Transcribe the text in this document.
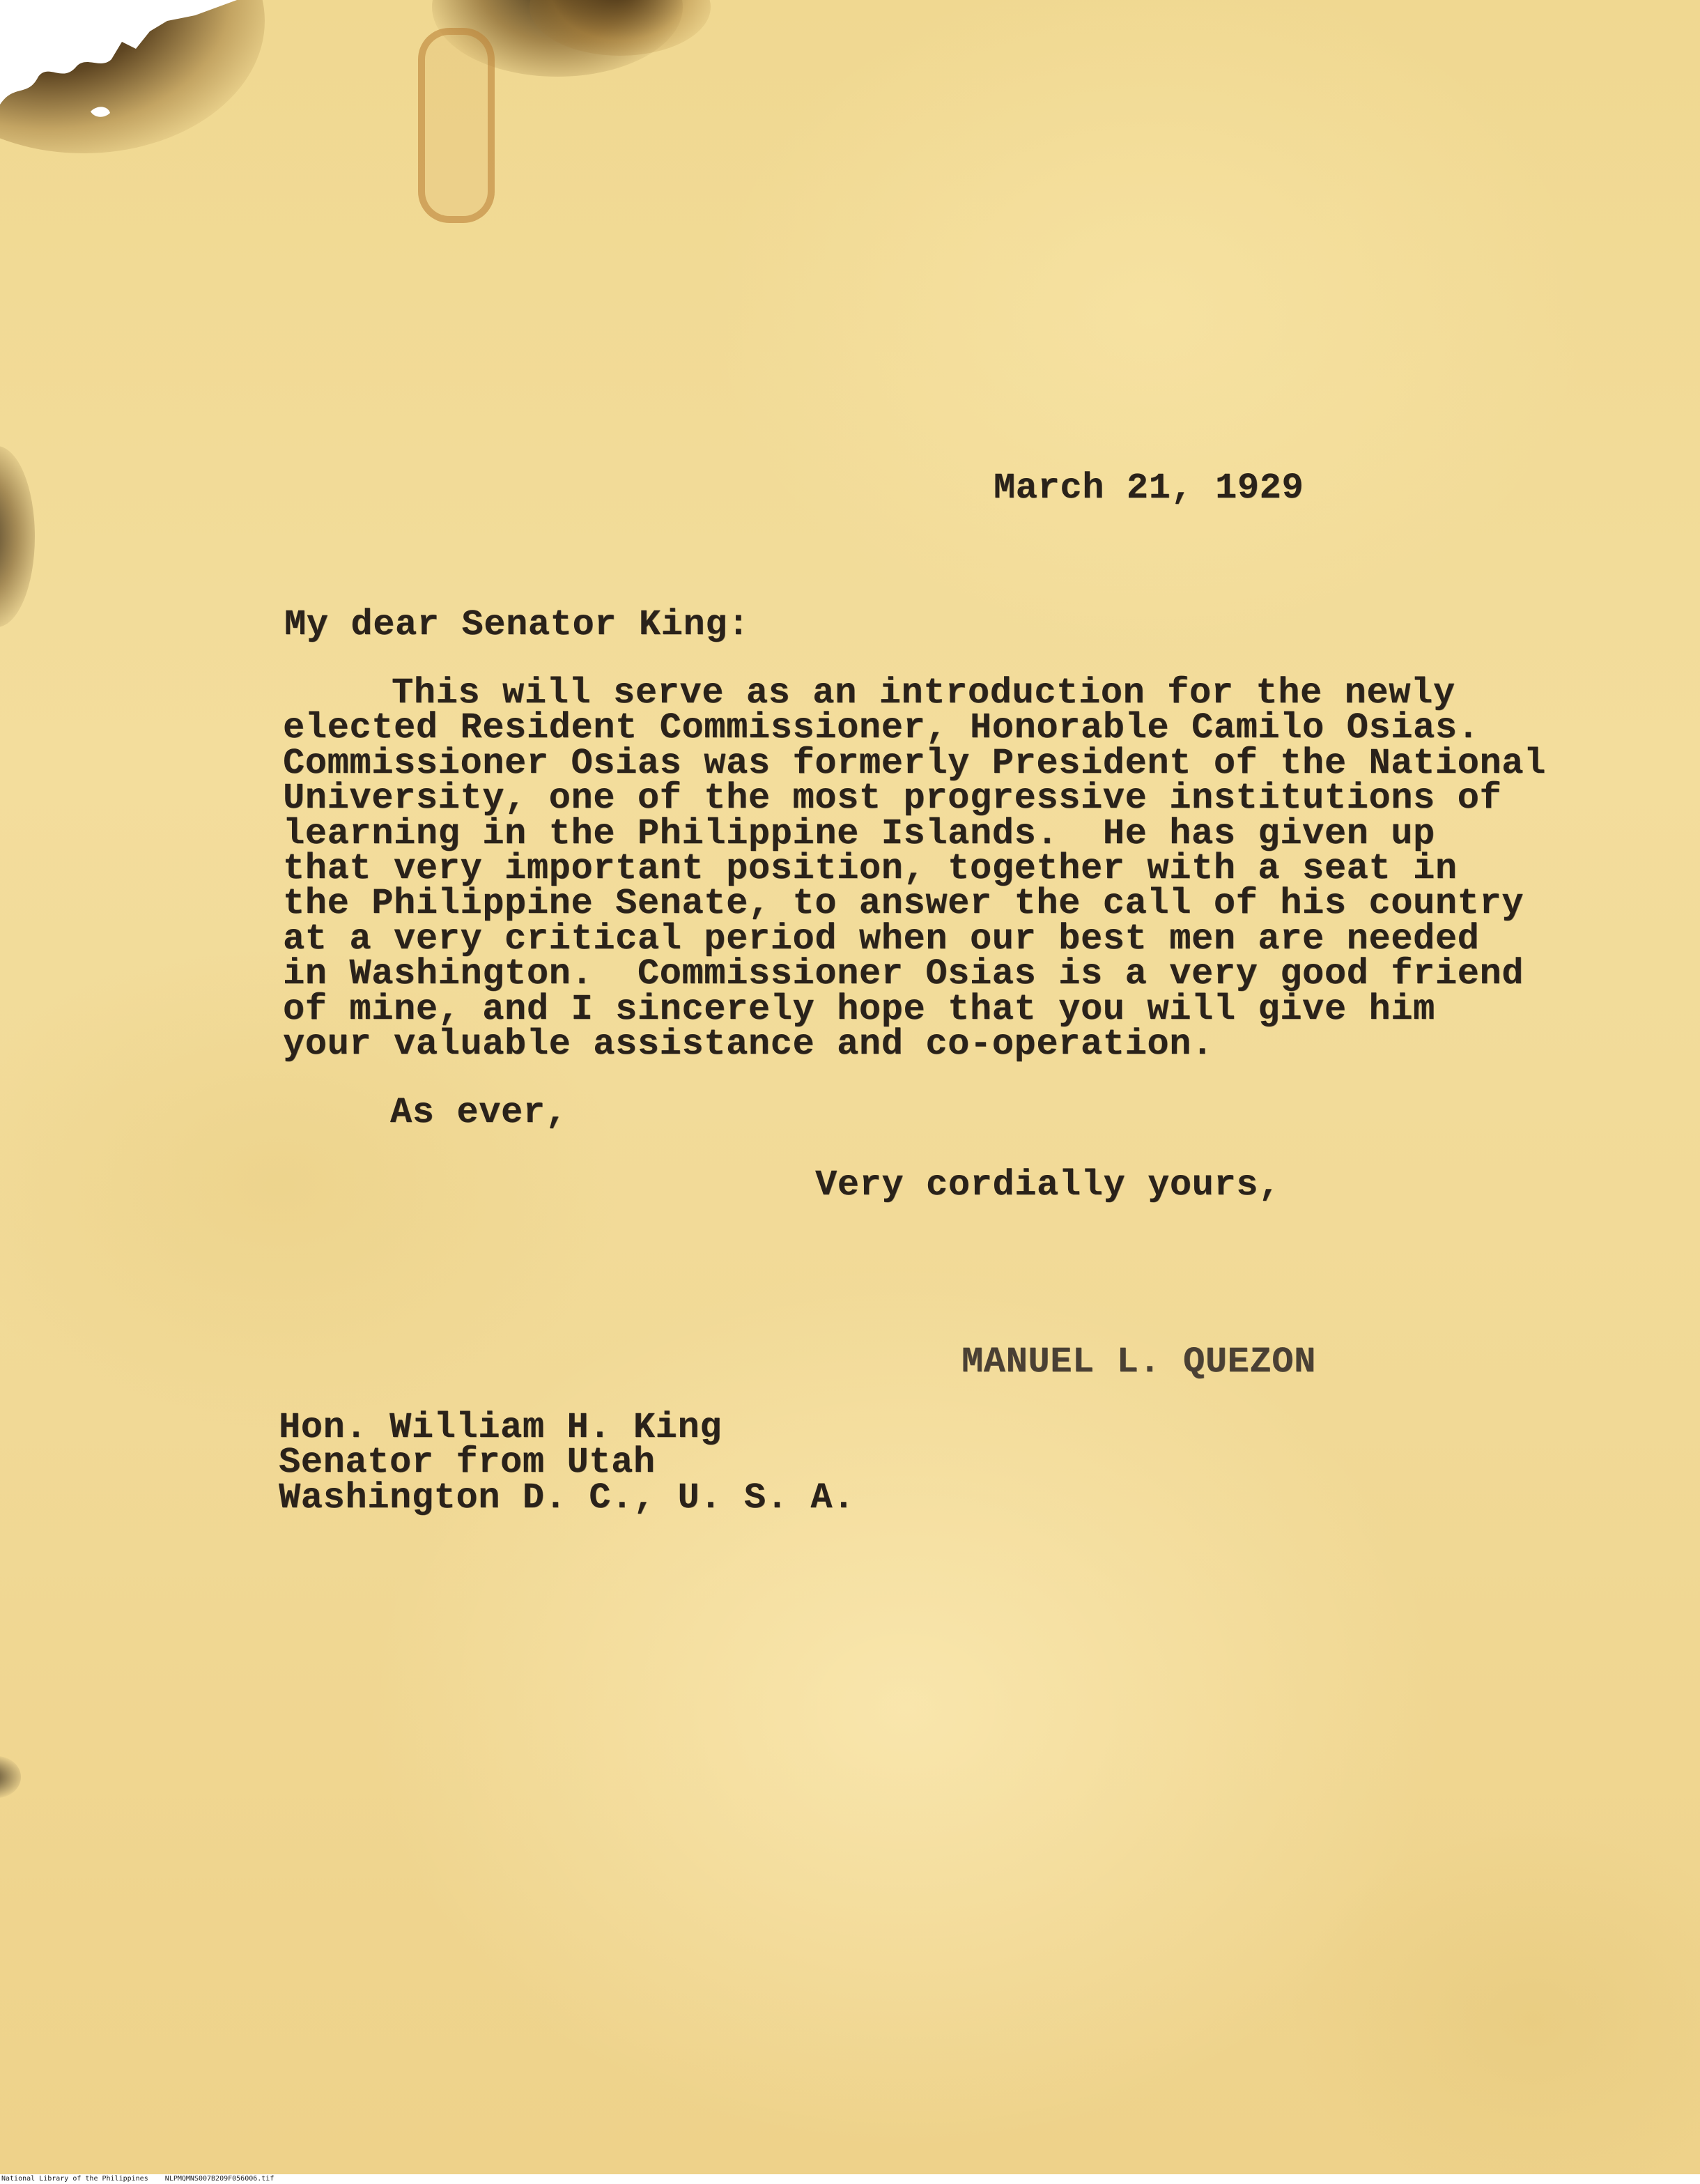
March 21, 1929

My dear Senator King:

This will serve as an introduction for the newly
elected Resident Commissioner, Honorable Camilo Osias.
Commissioner Osias was formerly President of the National
University, one of the most progressive institutions of
learning in the Philippine Islands.  He has given up
that very important position, together with a seat in
the Philippine Senate, to answer the call of his country
at a very critical period when our best men are needed
in Washington.  Commissioner Osias is a very good friend
of mine, and I sincerely hope that you will give him
your valuable assistance and co-operation.

As ever,

Very cordially yours,

MANUEL L. QUEZON

Hon. William H. King
Senator from Utah
Washington D. C., U. S. A.
National Library of the Philippines    NLPMQMNS007B209F056006.tif
